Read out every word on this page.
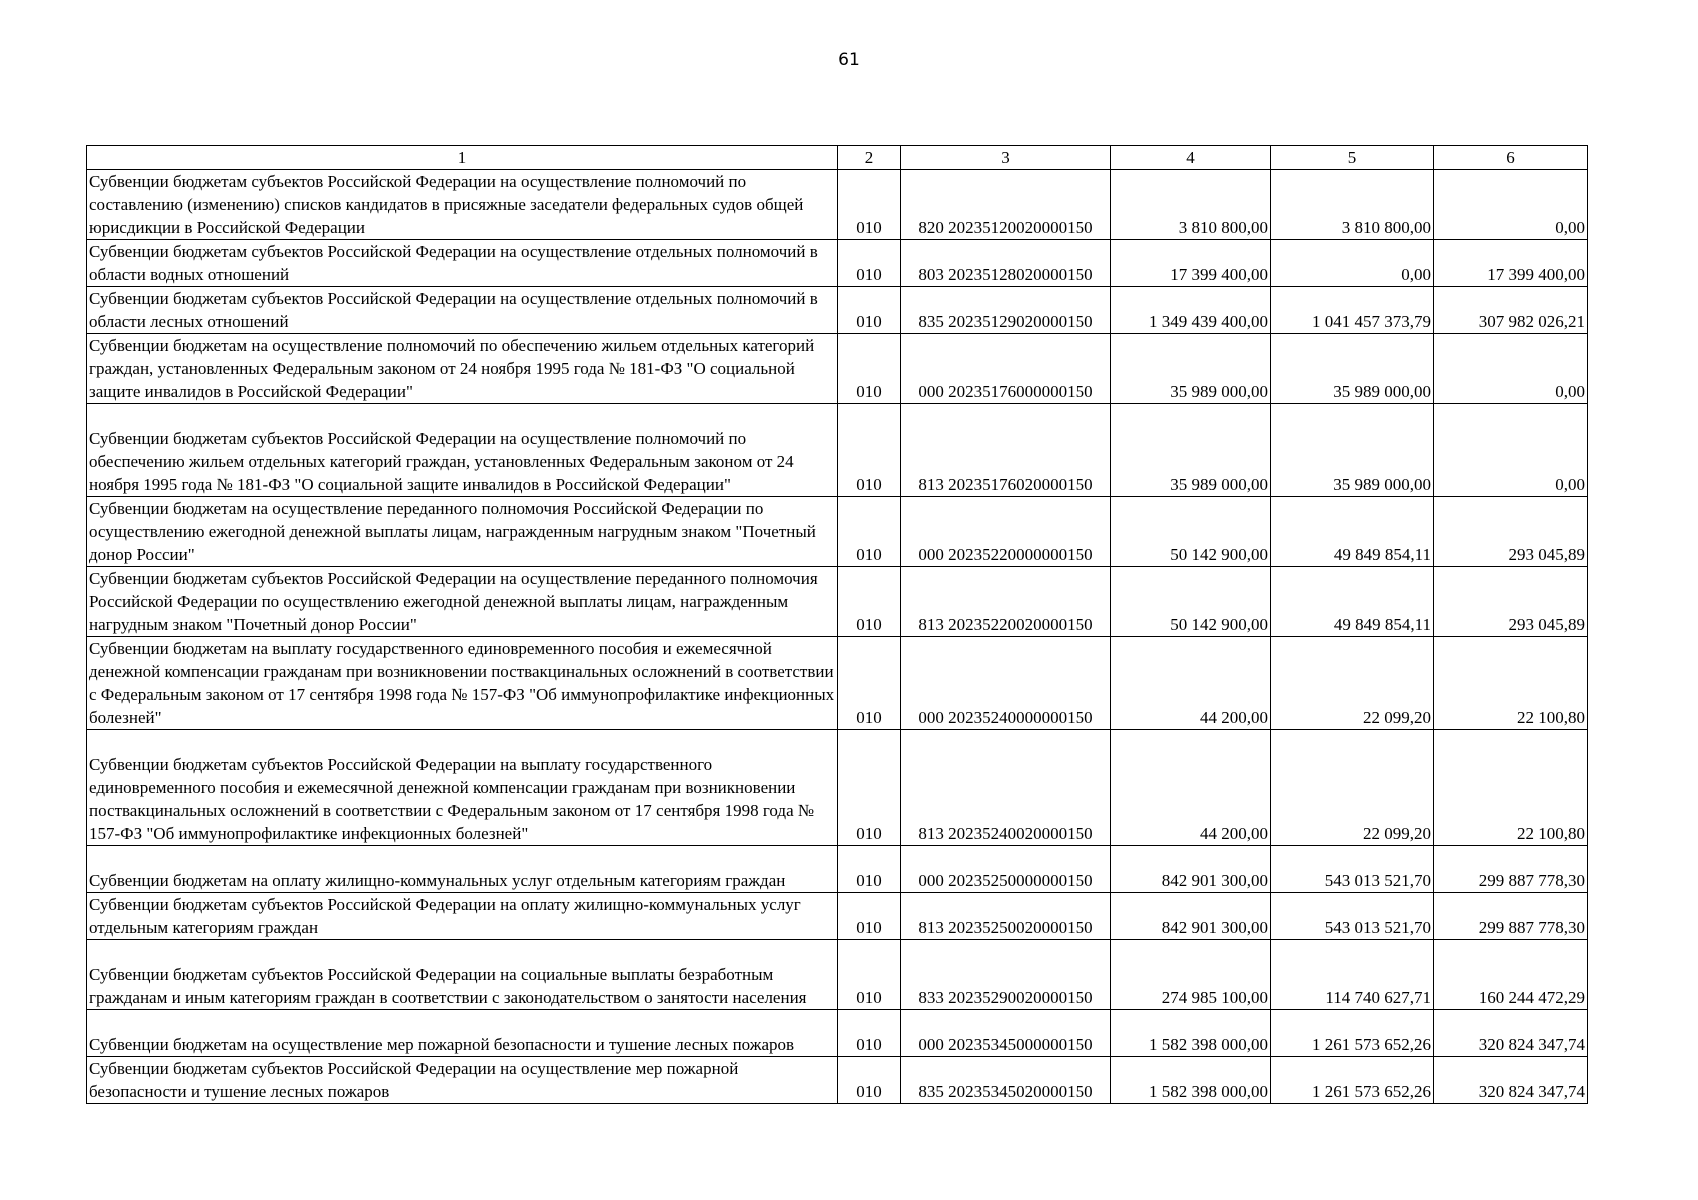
61
1	2	3	4	5	6
Субвенции бюджетам субъектов Российской Федерации на осуществление полномочий по составлению (изменению) списков кандидатов в присяжные заседатели федеральных судов общей юрисдикции в Российской Федерации	010	820 20235120020000150	3 810 800,00	3 810 800,00	0,00
Субвенции бюджетам субъектов Российской Федерации на осуществление отдельных полномочий в области водных отношений	010	803 20235128020000150	17 399 400,00	0,00	17 399 400,00
Субвенции бюджетам субъектов Российской Федерации на осуществление отдельных полномочий в области лесных отношений	010	835 20235129020000150	1 349 439 400,00	1 041 457 373,79	307 982 026,21
Субвенции бюджетам на осуществление полномочий по обеспечению жильем отдельных категорий граждан, установленных Федеральным законом от 24 ноября 1995 года № 181-ФЗ "О социальной защите инвалидов в Российской Федерации"	010	000 20235176000000150	35 989 000,00	35 989 000,00	0,00
Субвенции бюджетам субъектов Российской Федерации на осуществление полномочий по обеспечению жильем отдельных категорий граждан, установленных Федеральным законом от 24 ноября 1995 года № 181-ФЗ "О социальной защите инвалидов в Российской Федерации"	010	813 20235176020000150	35 989 000,00	35 989 000,00	0,00
Субвенции бюджетам на осуществление переданного полномочия Российской Федерации по осуществлению ежегодной денежной выплаты лицам, награжденным нагрудным знаком "Почетный донор России"	010	000 20235220000000150	50 142 900,00	49 849 854,11	293 045,89
Субвенции бюджетам субъектов Российской Федерации на осуществление переданного полномочия Российской Федерации по осуществлению ежегодной денежной выплаты лицам, награжденным нагрудным знаком "Почетный донор России"	010	813 20235220020000150	50 142 900,00	49 849 854,11	293 045,89
Субвенции бюджетам на выплату государственного единовременного пособия и ежемесячной денежной компенсации гражданам при возникновении поствакцинальных осложнений в соответствии с Федеральным законом от 17 сентября 1998 года № 157-ФЗ "Об иммунопрофилактике инфекционных болезней"	010	000 20235240000000150	44 200,00	22 099,20	22 100,80
Субвенции бюджетам субъектов Российской Федерации на выплату государственного единовременного пособия и ежемесячной денежной компенсации гражданам при возникновении поствакцинальных осложнений в соответствии с Федеральным законом от 17 сентября 1998 года № 157-ФЗ "Об иммунопрофилактике инфекционных болезней"	010	813 20235240020000150	44 200,00	22 099,20	22 100,80
Субвенции бюджетам на оплату жилищно-коммунальных услуг отдельным категориям граждан	010	000 20235250000000150	842 901 300,00	543 013 521,70	299 887 778,30
Субвенции бюджетам субъектов Российской Федерации на оплату жилищно-коммунальных услуг отдельным категориям граждан	010	813 20235250020000150	842 901 300,00	543 013 521,70	299 887 778,30
Субвенции бюджетам субъектов Российской Федерации на социальные выплаты безработным гражданам и иным категориям граждан в соответствии с законодательством о занятости населения	010	833 20235290020000150	274 985 100,00	114 740 627,71	160 244 472,29
Субвенции бюджетам на осуществление мер пожарной безопасности и тушение лесных пожаров	010	000 20235345000000150	1 582 398 000,00	1 261 573 652,26	320 824 347,74
Субвенции бюджетам субъектов Российской Федерации на осуществление мер пожарной безопасности и тушение лесных пожаров	010	835 20235345020000150	1 582 398 000,00	1 261 573 652,26	320 824 347,74
